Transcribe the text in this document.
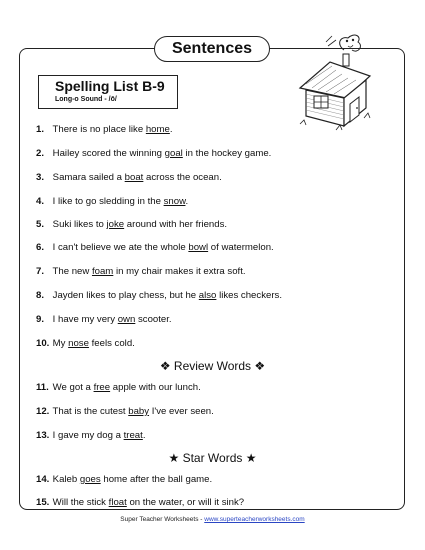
Sentences
Spelling List B-9
Long-o Sound - /ō/
1. There is no place like home.
2. Hailey scored the winning goal in the hockey game.
3. Samara sailed a boat across the ocean.
4. I like to go sledding in the snow.
5. Suki likes to joke around with her friends.
6. I can't believe we ate the whole bowl of watermelon.
7. The new foam in my chair makes it extra soft.
8. Jayden likes to play chess, but he also likes checkers.
9. I have my very own scooter.
10. My nose feels cold.
❖ Review Words ❖
11. We got a free apple with our lunch.
12. That is the cutest baby I've ever seen.
13. I gave my dog a treat.
★ Star Words ★
14. Kaleb goes home after the ball game.
15. Will the stick float on the water, or will it sink?
Super Teacher Worksheets - www.superteacherworksheets.com
